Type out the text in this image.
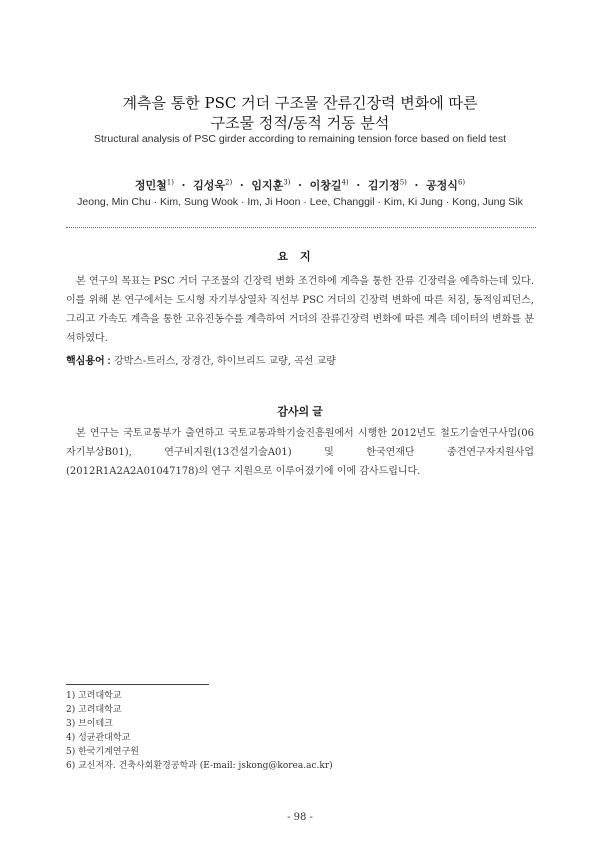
계측을 통한 PSC 거더 구조물 잔류긴장력 변화에 따른
구조물 정적/동적 거동 분석
Structural analysis of PSC girder according to remaining tension force based on field test
정민철$^{1)}$  ·  김성욱$^{2)}$  ·  임지훈$^{3)}$  ·  이창길$^{4)}$  ·  김기정$^{5)}$  ·  공정식$^{6)}$
Jeong, Min Chu · Kim, Sung Wook · Im, Ji Hoon · Lee, Changgil · Kim, Ki Jung · Kong, Jung Sik
요지
본 연구의 목표는 PSC 거더 구조물의 긴장력 변화 조건하에 계측을 통한 잔류 긴장력을 예측하는데 있다. 이를 위해 본 연구에서는 도시형 자기부상열차 직선부 PSC 거더의 긴장력 변화에 따른 처짐, 동적임피던스, 그리고 가속도 계측을 통한 고유진동수를 계측하여 거더의 잔류긴장력 변화에 따른 계측 데이터의 변화를 분석하였다.
핵심용어 : 강박스-트러스, 장경간, 하이브리드 교량, 곡선 교량
감사의 글
본 연구는 국토교통부가 출연하고 국토교통과학기술진흥원에서 시행한 2012년도 철도기술연구사업(06자기부상B01), 연구비지원(13건설기술A01) 및 한국연재단 중견연구자지원사업(2012R1A2A2A01047178)의 연구 지원으로 이루어졌기에 이에 감사드립니다.
1) 고려대학교
2) 고려대학교
3) 브이테크
4) 성균관대학교
5) 한국기계연구원
6) 교신저자. 건축사회환경공학과 (E-mail: jskong@korea.ac.kr)
- 98 -
